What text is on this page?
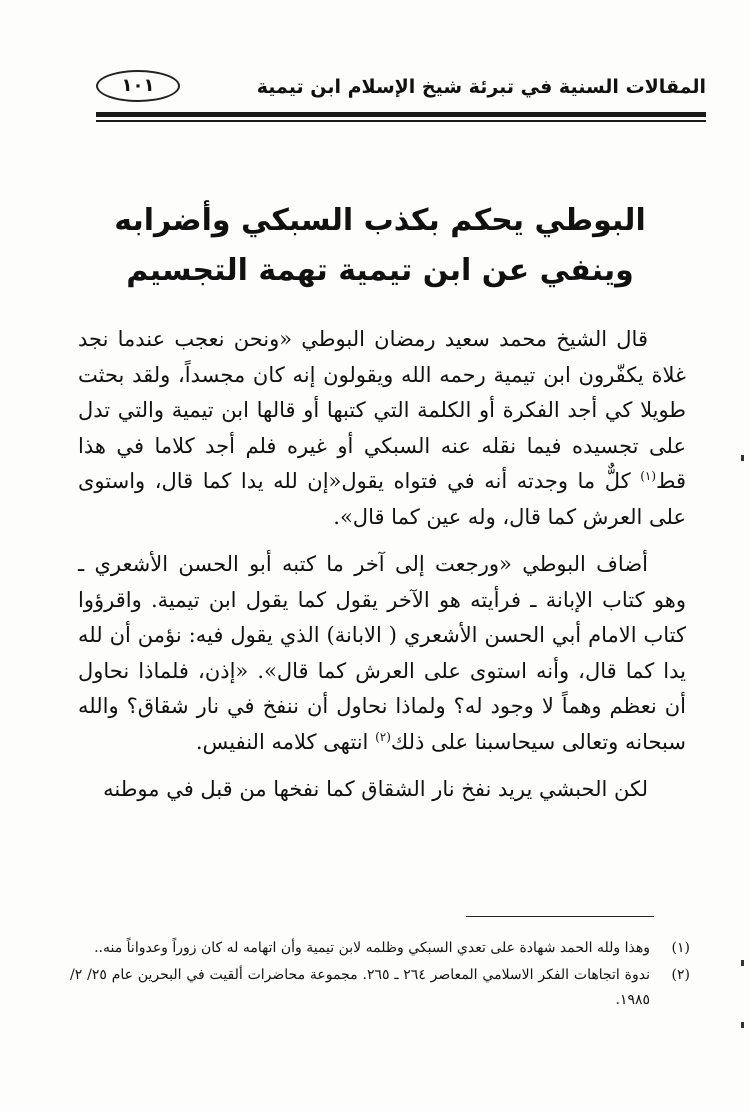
المقالات السنية في تبرئة شيخ الإسلام ابن تيمية
١٠١
البوطي يحكم بكذب السبكي وأضرابه
وينفي عن ابن تيمية تهمة التجسيم

قال الشيخ محمد سعيد رمضان البوطي «ونحن نعجب عندما نجد غلاة يكفّرون ابن تيمية رحمه الله ويقولون إنه كان مجسداً، ولقد بحثت طويلا كي أجد الفكرة أو الكلمة التي كتبها أو قالها ابن تيمية والتي تدل على تجسيده فيما نقله عنه السبكي أو غيره فلم أجد كلاما في هذا قط$^{(١)}$ كلٌّ ما وجدته أنه في فتواه يقول«إن لله يدا كما قال، واستوى على العرش كما قال، وله عين كما قال».

أضاف البوطي «ورجعت إلى آخر ما كتبه أبو الحسن الأشعري ـ وهو كتاب الإبانة ـ فرأيته هو الآخر يقول كما يقول ابن تيمية. واقرؤوا كتاب الامام أبي الحسن الأشعري ( الابانة) الذي يقول فيه: نؤمن أن لله يدا كما قال، وأنه استوى على العرش كما قال». «إذن، فلماذا نحاول أن نعظم وهماً لا وجود له؟ ولماذا نحاول أن ننفخ في نار شقاق؟ والله سبحانه وتعالى سيحاسبنا على ذلك$^{(٢)}$ انتهى كلامه النفيس.

لكن الحبشي يريد نفخ نار الشقاق كما نفخها من قبل في موطنه

(١)
وهذا ولله الحمد شهادة على تعدي السبكي وظلمه لابن تيمية وأن اتهامه له كان زوراً وعدواناً منه..
(٢)
ندوة اتجاهات الفكر الاسلامي المعاصر ٢٦٤ ـ ٢٦٥. مجموعة محاضرات ألقيت في البحرين عام ٢٥/ ٢/ ١٩٨٥.
